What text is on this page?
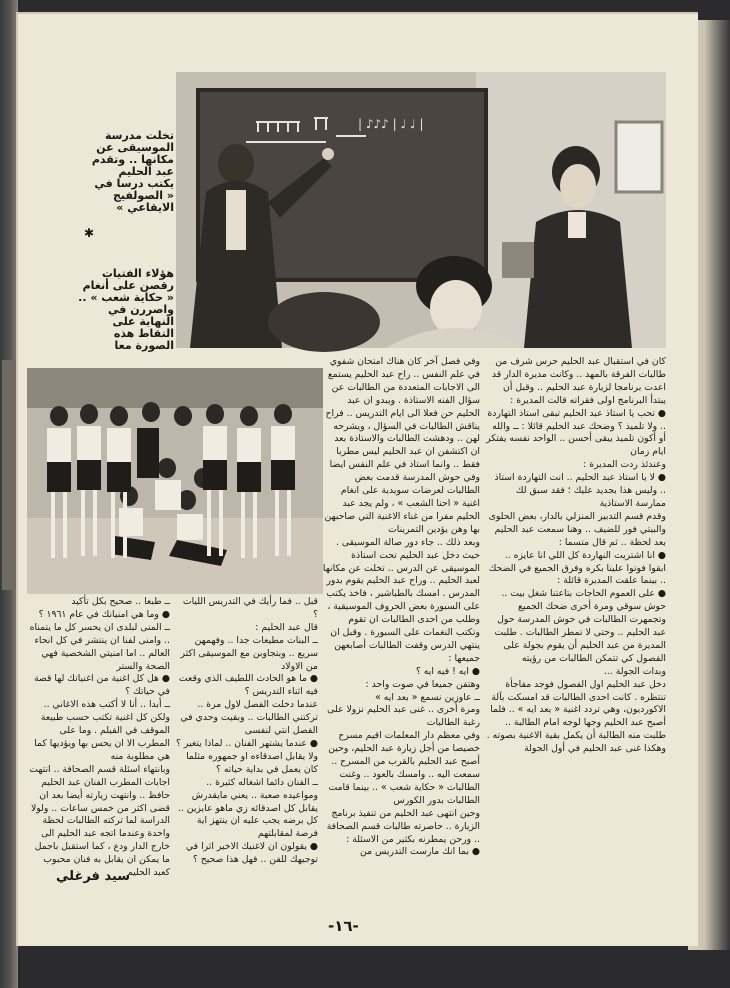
| ♪♪♪ | ♩ ♩ |
تخلت مدرسة الموسيقى عن مكانها .. وتقدم عبد الحليم يكتب درسا في « الصولفيج الايقاعي »
✱
هؤلاء الفتيات رقصن على أنغام « حكاية شعب » .. واصررن في النهاية على التقاط هذه الصورة معا

كان في استقبال عبد الحليم حرس شرف من طالبات الفرقة بالمهد .. وكانت مديرة الدار قد اعدت برنامجا لزيارة عبد الحليم .. وقبل أن يبتدأ البرنامج اولى فقراته قالت المديرة :
● تحب يا استاذ عبد الحليم تبقى استاذ التهاردة .. ولا تلميذ ؟ وضحك عبد الحليم قائلا : ــ والله أو أكون تلميذ يبقى أحسن .. الواحد نفسه يفتكر ايام زمان
وعندئذ ردت المديرة :
● لا يا استاذ عبد الحليم .. انت التهاردة استاذ .. وليس هذا بجديد عليك ؛ فقد سبق لك ممارسة الاستاذية
وقدم قسم التدبير المنزلي بالدار، بعض الحلوى والبيتي فور للضيف .. وهنا سمعت عبد الحليم بعد لحظة .. ثم قال متسما :
● انا اشتريت النهاردة كل اللي انا عايزه .. ابقوا فوتوا علينا بكره وفرق الجميع في الضحك .. بينما علقت المديرة قائلة :
● على العموم الحاجات بتاعتنا شغل بيت .. حوش سوقي ومرة أخرى ضحك الجميع وتجمهرت الطالبات في حوش المدرسة حول عبد الحليم .. وحتى لا تمطر الطالبات . طلبت المديرة من عبد الحليم أن يقوم بجولة على الفصول كي تتمكن الطالبات من رؤيته
وبدات الجولة ...
دخل عبد الحليم اول الفصول فوجد مفاجأة تنتظره . كانت احدى الطالبات قد امسكت بآلة الاكورديون، وهي تردد اغنية « بعد ايه » .. فلما أصبح عبد الحليم وجها لوجه امام الطالبة .. طلبت منه الطالبة أن يكمل بقية الاغنية بصوته . وهكذا غنى عبد الحليم في أول الجولة

وفي فصل آخر كان هناك امتحان شفوي في علم النفس .. راح عبد الحليم يستمع الى الاجابات المتعددة من الطالبات عن سؤال الفنه الاستاذة . ويبدو ان عبد الحليم حن فعلا الى ايام التدريس .. فراح يناقش الطالبات في السؤال ، ويشرحه لهن .. ودهشت الطالبات والاستاذة بعد ان اكتشفن ان عبد الحليم ليس مطربا فقط .. وانما استاذ في علم النفس ايضا
وفي حوش المدرسة قدمت بعض الطالبات لعرضات سويدية على انغام اغنية « احنا الشعب » ، ولم يجد عبد الحليم مفرا من غناء الاغنية التي صاحبهن بها وهن يؤدين التمرينات
وبعد ذلك .. جاء دور صالة الموسيقى . حيث دخل عبد الحليم تحت استاذة الموسيقى عن الدرس .. تخلت عن مكانها لعبد الحليم .. وراح عبد الحليم يقوم بدور المدرس . امسك بالطباشير ، فاخذ يكتب على السبورة بعض الحروف الموسيقية ، وطلب من احدى الطالبات ان تقوم وتكتب النغمات على السبورة . وقبل ان ينتهي الدرس وقفت الطالبات أصابعهن جميعها :
● ايه ! فيه ايه ؟
وهتفن جميعا في صوت واحد :
ــ عاوزين نسمع « بعد ايه »
ومرة أخرى .. غنى عبد الحليم نزولا على رغبة الطالبات
وفي معظم دار المعلمات اقيم مسرح خصيصا من أجل زيارة عبد الحليم، وحين أصبح عبد الحليم بالقرب من المسرح .. سمعت اليه .. وامسك بالعود .. وغنت الطالبات « حكاية شعب » .. بينما قامت الطالبات بدور الكورس
وحين انتهى عبد الحليم من تنفيذ برنامج الزيارة .. حاصرته طالبات قسم الصحافة .. ورحن يمطرنه بكثير من الاسئلة :
● بما انك مارست التدريس من

قبل .. فما رأيك في التدريس الليات ؟
قال عبد الحليم :
ــ البنات مطيعات جدا .. وفهمهن سريع .. وبتجاوبن مع الموسيقى اكثر من الاولاد
● ما هو الحادث اللطيف الذي وقعت فيه اثناء التدريس ؟
عندما دخلت الفصل لاول مرة .. تركتني الطالبات .. وبقيت وحدي في الفصل انتي لنفسى
● عندما يشتهر الفنان .. لماذا يتغير ؟ ولا يقابل اصدقاءه او جمهوره مثلما كان يعمل في بداية حياته ؟
ــ الفنان دائما اشغاله كثيرة .. ومواعيده صعبة .. يعني مايقدرش يقابل كل اصدقائه زي ماهو عايزين .. كل برضه يجب عليه ان ينتهز اية فرصة لمقابلتهم
● يقولون ان لاغنيك الاخير اثرا في توجيهك للفن .. فهل هذا صحيح ؟

ــ طبعا .. صحيح بكل تأكيد
● وما هي امنيانك في عام ١٩٦١ ؟
ــ المنى لبلدى ان يحسر كل ما يتمناه .. وامنى لفنا ان ينتشر في كل انحاء العالم .. اما امنيتي الشخصية فهي الصحة والستر
● هل كل اغنية من اغنياتك لها قصة في حياتك ؟
ــ أبدا .. أنا لا أكتب هذه الاغاني .. ولكن كل اغنية تكتب حسب طبيعة الموقف في الفيلم . وما على المطرب الا ان يحس بها ويؤديها كما هي مطلوبة منه
وبانتهاء اسئلة قسم الصحافة .. انتهت اجابات المطرب الفنان عبد الحليم حافظ .. وانتهت زيارته أيضا بعد ان قضى اكثر من خمس ساعات .. ولولا الدراسة لما تركته الطالبات لحظة واحدة وعندما اتجه عبد الحليم الى خارج الدار ودع ، كما استقبل باجمل ما يمكن ان يقابل به فنان محبوب كعبد الحليم

سيد فرغلي
-١٦-
